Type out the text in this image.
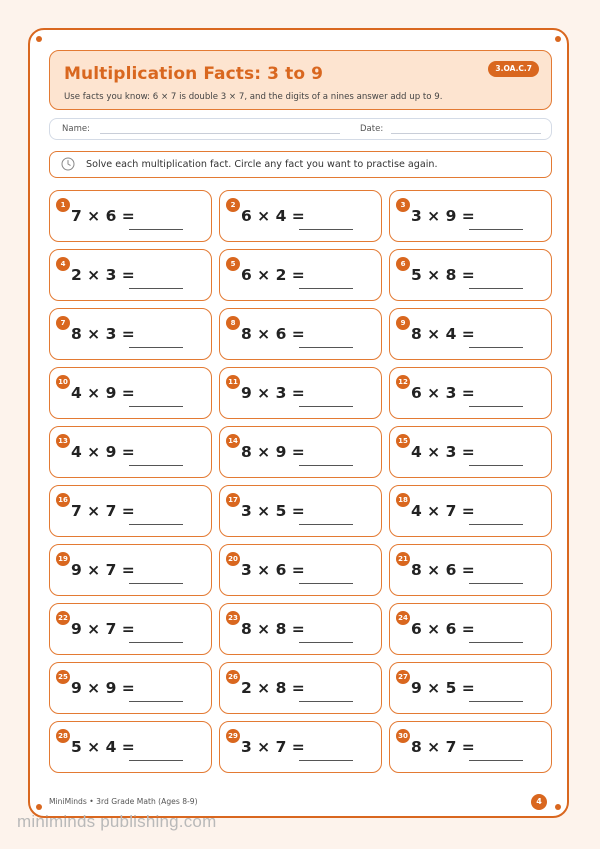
Multiplication Facts: 3 to 9
Use facts you know: 6 × 7 is double 3 × 7, and the digits of a nines answer add up to 9.
3.OA.C.7
Name:	Date:
Solve each multiplication fact. Circle any fact you want to practise again.
1
7 × 6 =
2
6 × 4 =
3
3 × 9 =
4
2 × 3 =
5
6 × 2 =
6
5 × 8 =
7
8 × 3 =
8
8 × 6 =
9
8 × 4 =
10
4 × 9 =
11
9 × 3 =
12
6 × 3 =
13
4 × 9 =
14
8 × 9 =
15
4 × 3 =
16
7 × 7 =
17
3 × 5 =
18
4 × 7 =
19
9 × 7 =
20
3 × 6 =
21
8 × 6 =
22
9 × 7 =
23
8 × 8 =
24
6 × 6 =
25
9 × 9 =
26
2 × 8 =
27
9 × 5 =
28
5 × 4 =
29
3 × 7 =
30
8 × 7 =
MiniMinds • 3rd Grade Math (Ages 8-9)	4
miniminds publishing.com
